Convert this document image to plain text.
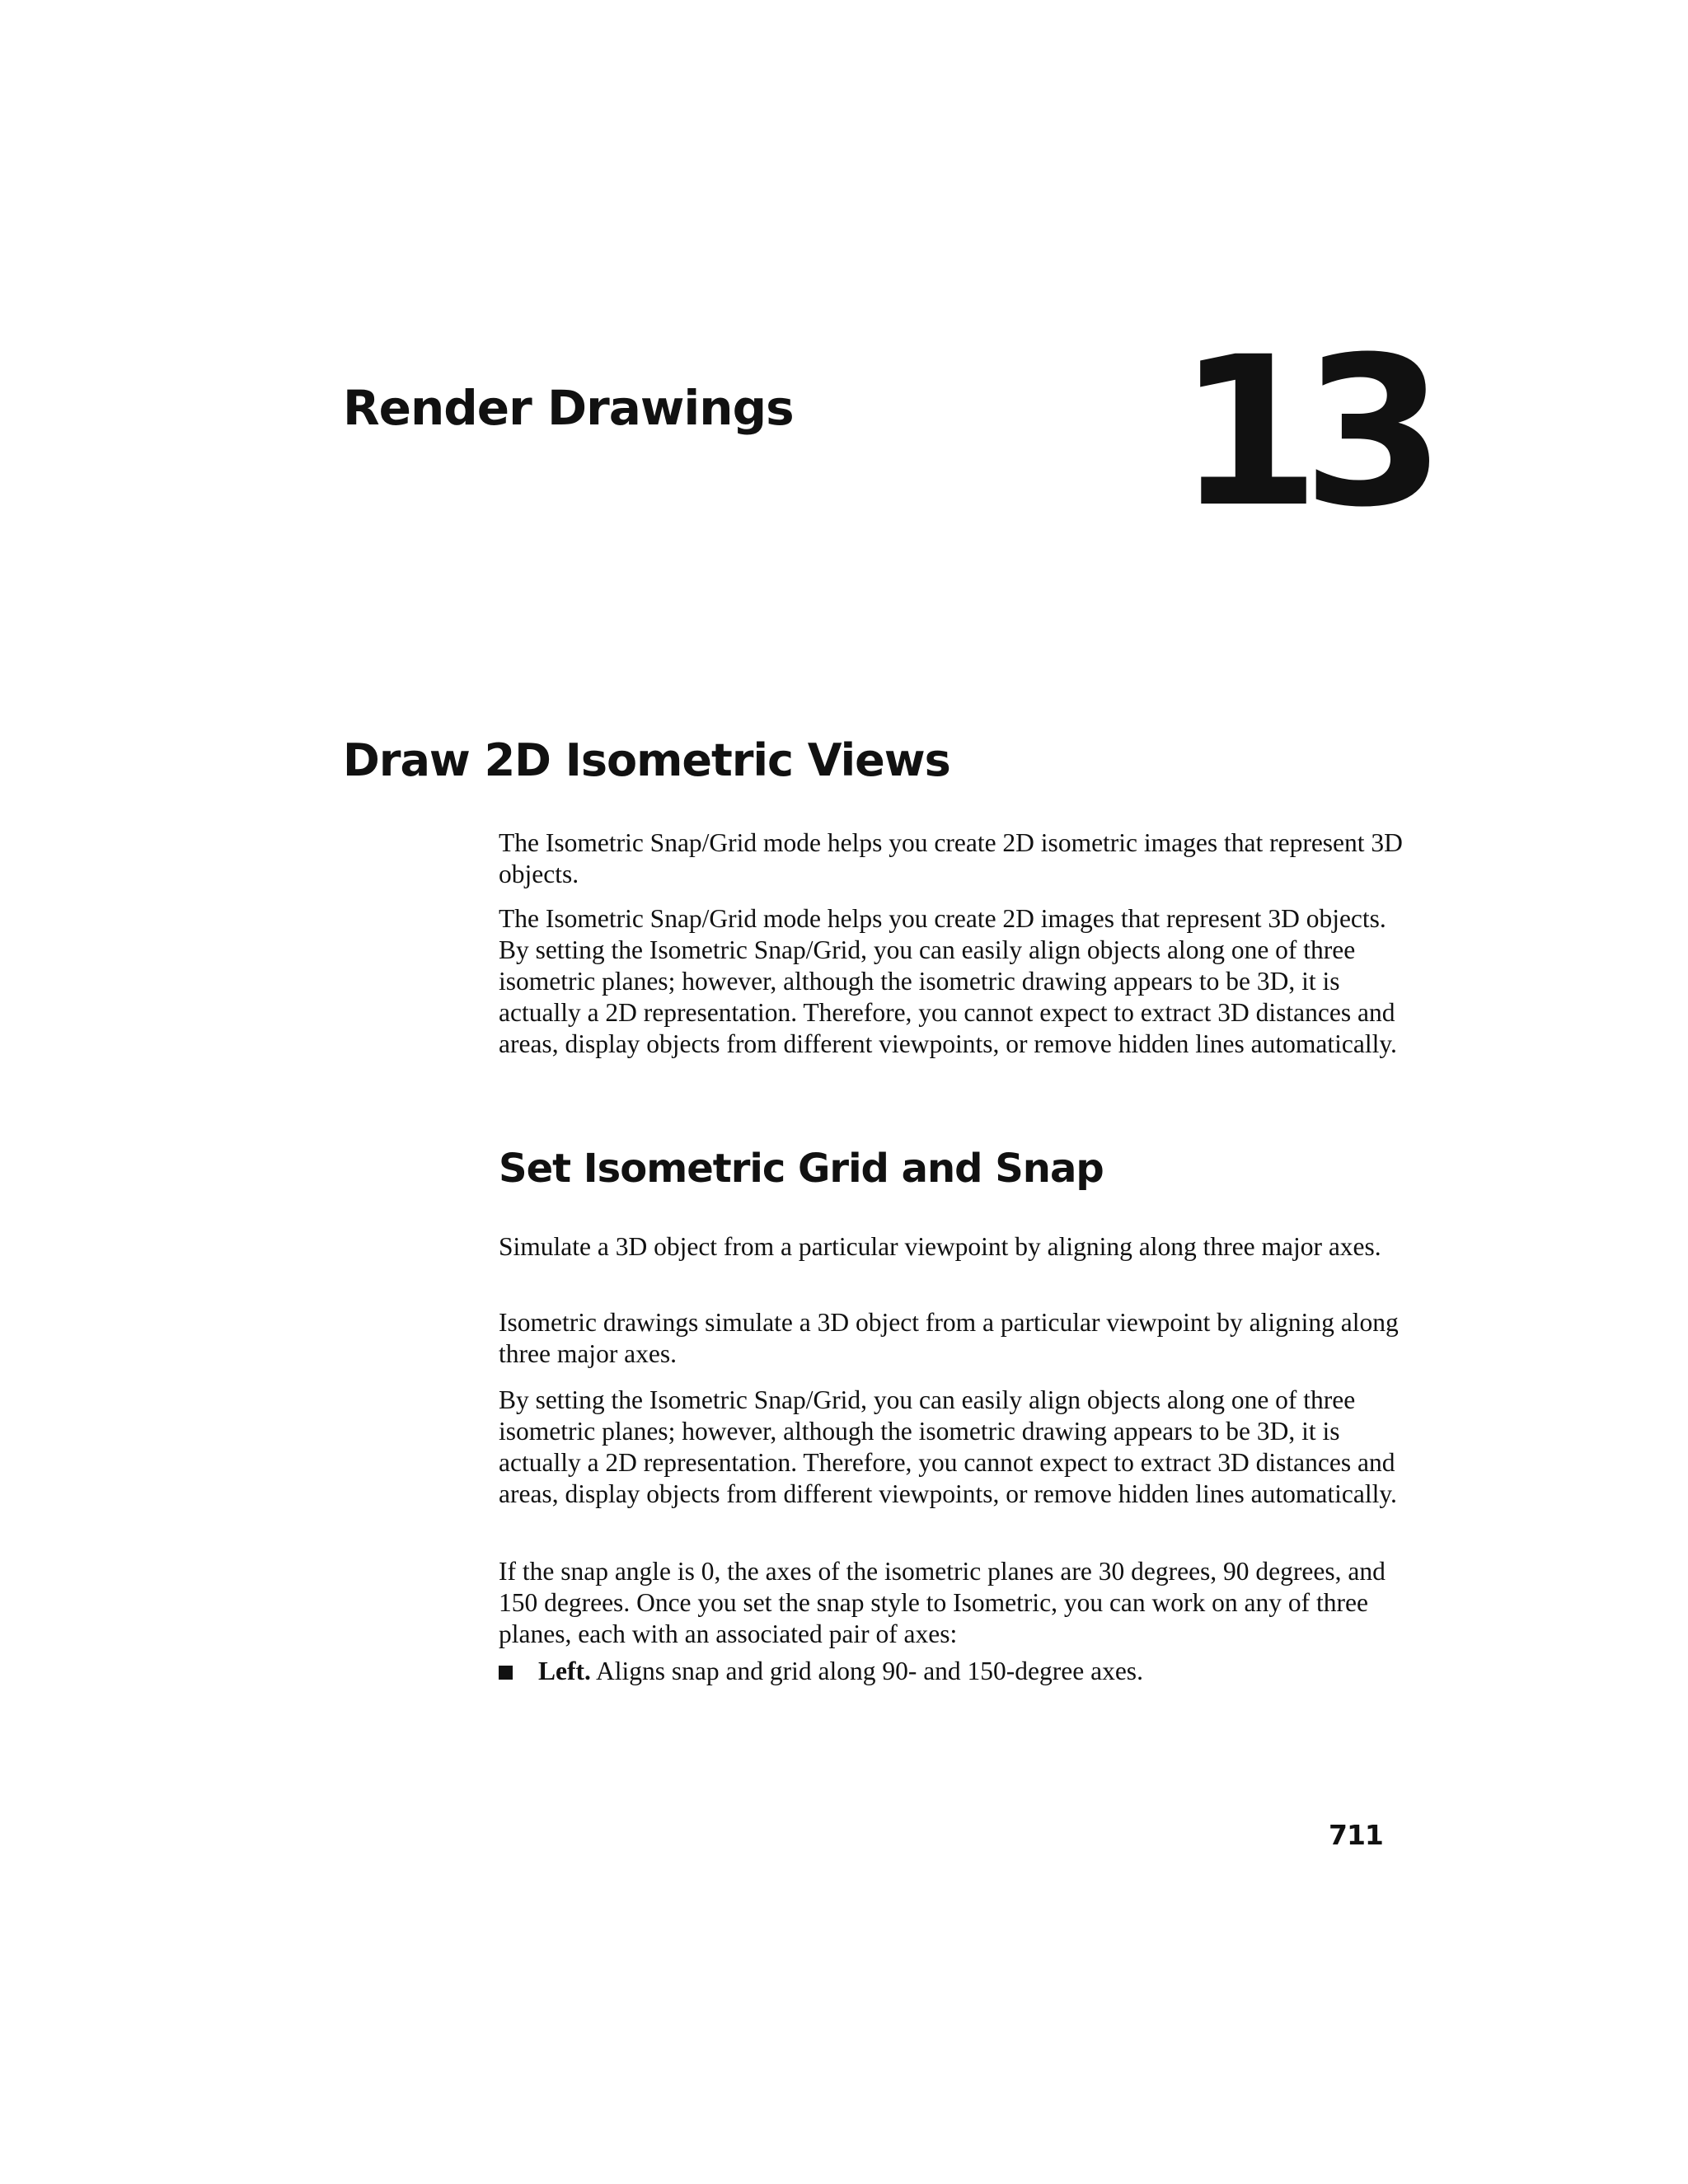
Render Drawings 13
Draw 2D Isometric Views

The Isometric Snap/Grid mode helps you create 2D isometric images that represent 3D objects.

The Isometric Snap/Grid mode helps you create 2D images that represent 3D objects. By setting the Isometric Snap/Grid, you can easily align objects along one of three isometric planes; however, although the isometric drawing appears to be 3D, it is actually a 2D representation. Therefore, you cannot expect to extract 3D distances and areas, display objects from different viewpoints, or remove hidden lines automatically.

Set Isometric Grid and Snap

Simulate a 3D object from a particular viewpoint by aligning along three major axes.

Isometric drawings simulate a 3D object from a particular viewpoint by aligning along three major axes.

By setting the Isometric Snap/Grid, you can easily align objects along one of three isometric planes; however, although the isometric drawing appears to be 3D, it is actually a 2D representation. Therefore, you cannot expect to extract 3D distances and areas, display objects from different viewpoints, or remove hidden lines automatically.

If the snap angle is 0, the axes of the isometric planes are 30 degrees, 90 degrees, and 150 degrees. Once you set the snap style to Isometric, you can work on any of three planes, each with an associated pair of axes:

Left. Aligns snap and grid along 90- and 150-degree axes.
711
